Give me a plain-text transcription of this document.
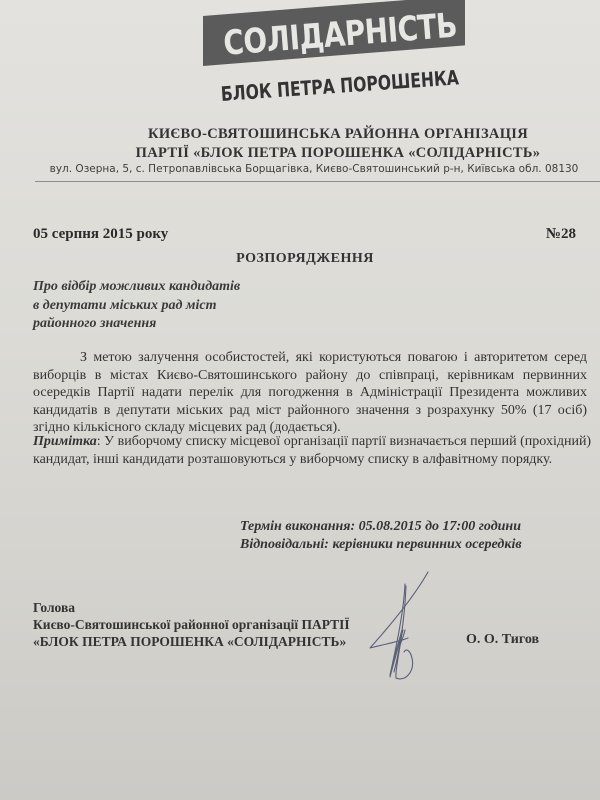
СОЛІДАРНІСТЬ
БЛОК ПЕТРА ПОРОШЕНКА
КИЄВО-СВЯТОШИНСЬКА РАЙОННА ОРГАНІЗАЦІЯ
ПАРТІЇ «БЛОК ПЕТРА ПОРОШЕНКА «СОЛІДАРНІСТЬ»
вул. Озерна, 5, с. Петропавлівська Борщагівка, Києво-Святошинський р-н, Київська обл. 08130
05 серпня 2015 року	№28
РОЗПОРЯДЖЕННЯ
Про відбір можливих кандидатів
в депутати міських рад міст
районного значення
З метою залучення особистостей, які користуються повагою і авторитетом серед
виборців в містах Києво-Святошинського району до співпраці, керівникам первинних
осередків Партії надати перелік для погодження в Адміністрації Президента можливих
кандидатів в депутати міських рад міст районного значення з розрахунку 50% (17 осіб)
згідно кількісного складу місцевих рад (додається).
Примітка: У виборчому списку місцевої організації партії визначається перший (прохідний)
кандидат, інші кандидати розташовуються у виборчому списку в алфавітному порядку.
Термін виконання: 05.08.2015 до 17:00 години
Відповідальні: керівники первинних осередків
Голова
Києво-Святошинської районної організації ПАРТІЇ
«БЛОК ПЕТРА ПОРОШЕНКА «СОЛІДАРНІСТЬ»	О. О. Тигов
